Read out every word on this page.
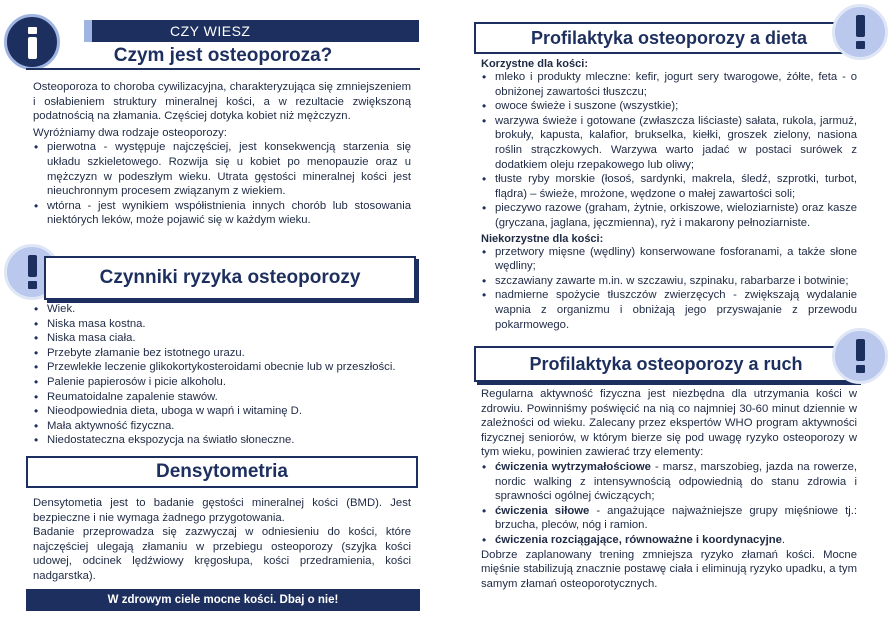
CZY WIESZ
Czym jest osteoporoza?

Osteoporoza to choroba cywilizacyjna, charakteryzująca się zmniejszeniem i osłabieniem struktury mineralnej kości, a w rezultacie zwiększoną podatnością na złamania. Częściej dotyka kobiet niż mężczyzn.

Wyróżniamy dwa rodzaje osteoporozy:

• pierwotna - występuje najczęściej, jest konsekwencją starzenia się układu szkieletowego. Rozwija się u kobiet po menopauzie oraz u mężczyzn w podeszłym wieku. Utrata gęstości mineralnej kości jest nieuchronnym procesem związanym z wiekiem.
• wtórna - jest wynikiem współistnienia innych chorób lub stosowania niektórych leków, może pojawić się w każdym wieku.
Czynniki ryzyka osteoporozy
• Wiek.
• Niska masa kostna.
• Niska masa ciała.
• Przebyte złamanie bez istotnego urazu.
• Przewlekłe leczenie glikokortykosteroidami obecnie lub w przeszłości.
• Palenie papierosów i picie alkoholu.
• Reumatoidalne zapalenie stawów.
• Nieodpowiednia dieta, uboga w wapń i witaminę D.
• Mała aktywność fizyczna.
• Niedostateczna ekspozycja na światło słoneczne.
Densytometria

Densytometia jest to badanie gęstości mineralnej kości (BMD). Jest bezpieczne i nie wymaga żadnego przygotowania.

Badanie przeprowadza się zazwyczaj w odniesieniu do kości, które najczęściej ulegają złamaniu w przebiegu osteoporozy (szyjka kości udowej, odcinek lędźwiowy kręgosłupa, kości przedramienia, kości nadgarstka).

W zdrowym ciele mocne kości. Dbaj o nie!
Profilaktyka osteoporozy a dieta
Korzystne dla kości:
• mleko i produkty mleczne: kefir, jogurt sery twarogowe, żółte, feta - o obniżonej zawartości tłuszczu;
• owoce świeże i suszone (wszystkie);
• warzywa świeże i gotowane (zwłaszcza liściaste) sałata, rukola, jarmuż, brokuły, kapusta, kalafior, brukselka, kiełki, groszek zielony, nasiona roślin strączkowych. Warzywa warto jadać w postaci surówek z dodatkiem oleju rzepakowego lub oliwy;
• tłuste ryby morskie (łosoś, sardynki, makrela, śledź, szprotki, turbot, flądra) – świeże, mrożone, wędzone o małej zawartości soli;
• pieczywo razowe (graham, żytnie, orkiszowe, wieloziarniste) oraz kasze (gryczana, jaglana, jęczmienna), ryż i makarony pełnoziarniste.
Niekorzystne dla kości:
• przetwory mięsne (wędliny) konserwowane fosforanami, a także słone wędliny;
• szczawiany zawarte m.in. w szczawiu, szpinaku, rabarbarze i botwinie;
• nadmierne spożycie tłuszczów zwierzęcych - zwiększają wydalanie wapnia z organizmu i obniżają jego przyswajanie z przewodu pokarmowego.
Profilaktyka osteoporozy a ruch

Regularna aktywność fizyczna jest niezbędna dla utrzymania kości w zdrowiu. Powinniśmy poświęcić na nią co najmniej 30-60 minut dziennie w zależności od wieku. Zalecany przez ekspertów WHO program aktywności fizycznej seniorów, w którym bierze się pod uwagę ryzyko osteoporozy w tym wieku, powinien zawierać trzy elementy:

• ćwiczenia wytrzymałościowe - marsz, marszobieg, jazda na rowerze, nordic walking z intensywnością odpowiednią do stanu zdrowia i sprawności ogólnej ćwiczących;
• ćwiczenia siłowe - angażujące najważniejsze grupy mięśniowe tj.: brzucha, pleców, nóg i ramion.
• ćwiczenia rozciągające, równoważne i koordynacyjne.

Dobrze zaplanowany trening zmniejsza ryzyko złamań kości. Mocne mięśnie stabilizują znacznie postawę ciała i eliminują ryzyko upadku, a tym samym złamań osteoporotycznych.
